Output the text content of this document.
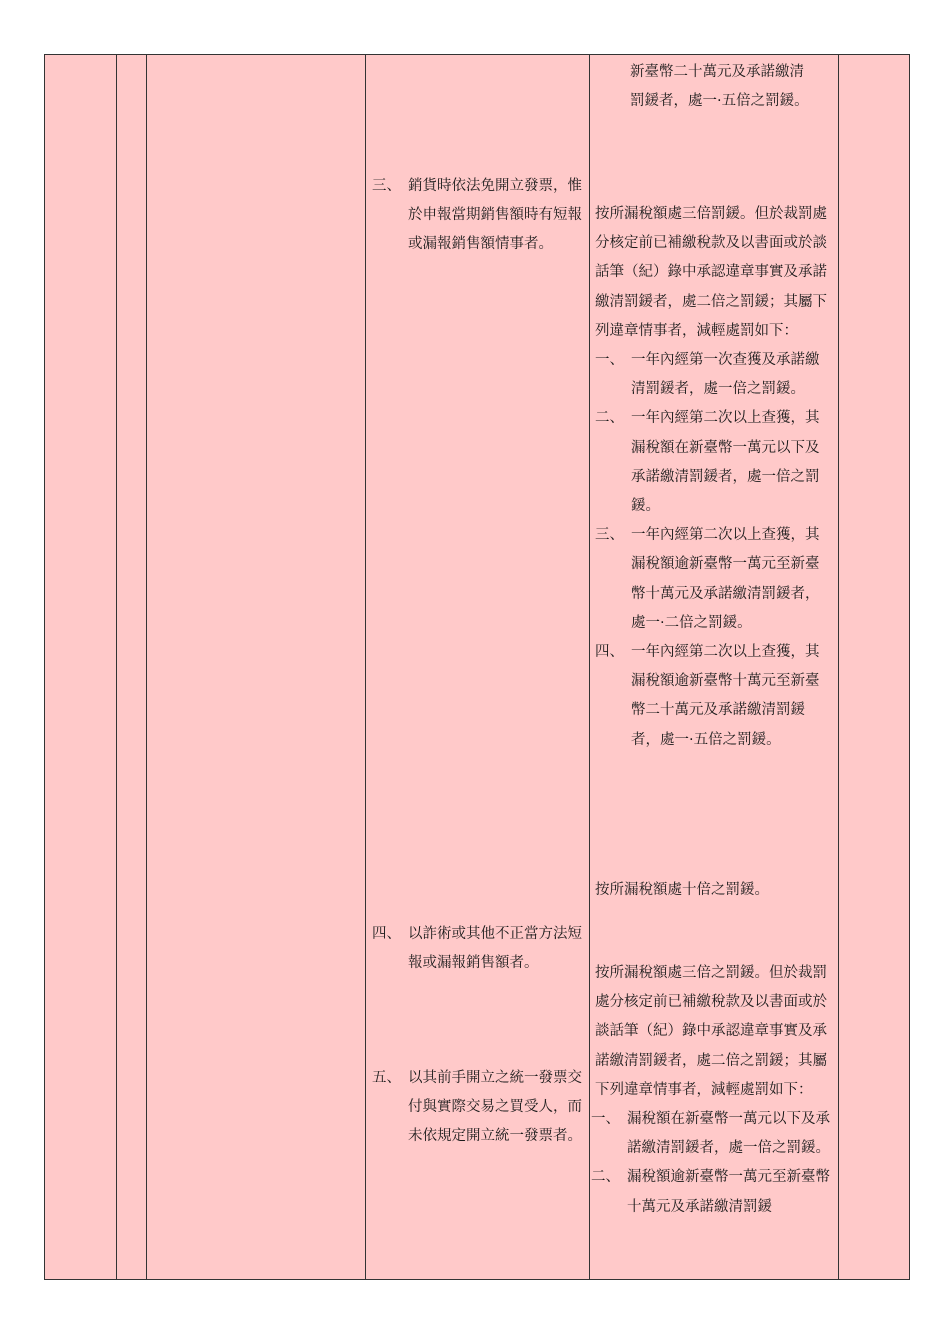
新臺幣二十萬元及承諾繳清
罰鍰者，處一·五倍之罰鍰。
三、 銷貨時依法免開立發票，惟於申報當期銷售額時有短報或漏報銷售額情事者。
四、 以詐術或其他不正當方法短報或漏報銷售額者。
五、 以其前手開立之統一發票交付與實際交易之買受人，而未依規定開立統一發票者。
按所漏稅額處三倍罰鍰。但於裁罰處分核定前已補繳稅款及以書面或於談話筆（紀）錄中承認違章事實及承諾繳清罰鍰者，處二倍之罰鍰；其屬下列違章情事者，減輕處罰如下：
一、 一年內經第一次查獲及承諾繳清罰鍰者，處一倍之罰鍰。
二、 一年內經第二次以上查獲，其漏稅額在新臺幣一萬元以下及承諾繳清罰鍰者，處一倍之罰鍰。
三、 一年內經第二次以上查獲，其漏稅額逾新臺幣一萬元至新臺幣十萬元及承諾繳清罰鍰者，處一·二倍之罰鍰。
四、 一年內經第二次以上查獲，其漏稅額逾新臺幣十萬元至新臺幣二十萬元及承諾繳清罰鍰者，處一·五倍之罰鍰。
按所漏稅額處十倍之罰鍰。
按所漏稅額處三倍之罰鍰。但於裁罰處分核定前已補繳稅款及以書面或於談話筆（紀）錄中承認違章事實及承諾繳清罰鍰者，處二倍之罰鍰；其屬下列違章情事者，減輕處罰如下：
一、 漏稅額在新臺幣一萬元以下及承諾繳清罰鍰者，處一倍之罰鍰。
二、 漏稅額逾新臺幣一萬元至新臺幣十萬元及承諾繳清罰鍰
